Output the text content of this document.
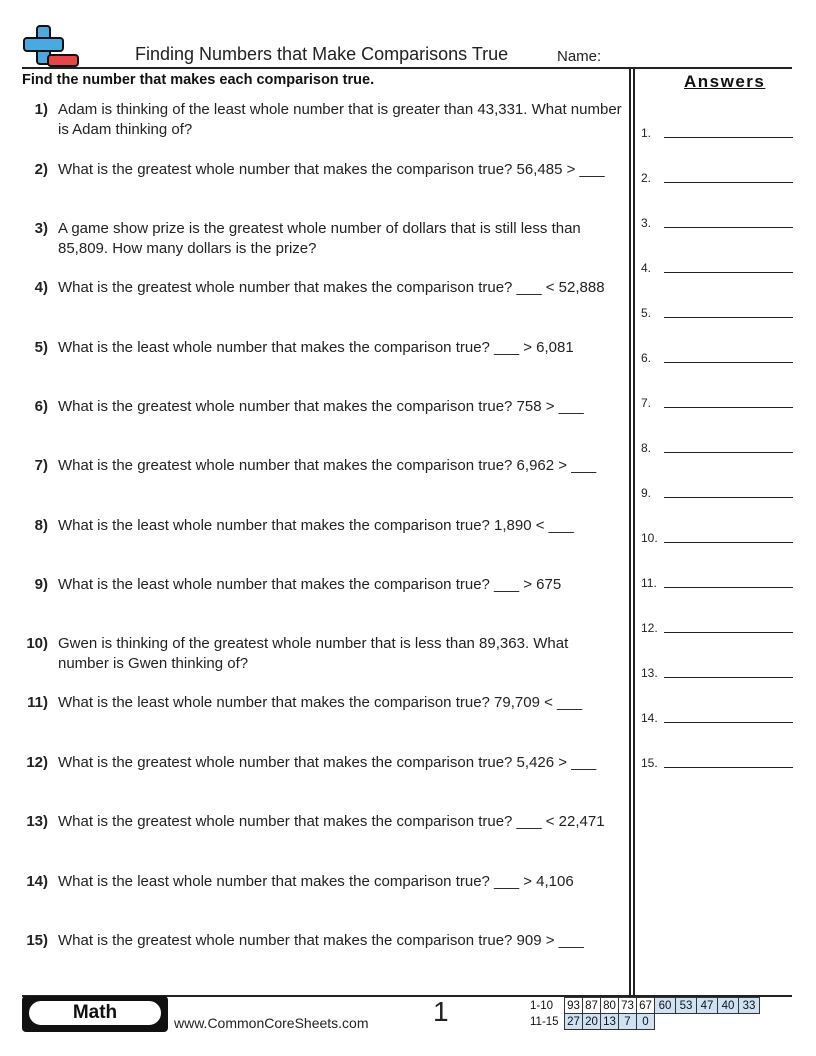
Finding Numbers that Make Comparisons True	Name:
Find the number that makes each comparison true.
1) Adam is thinking of the least whole number that is greater than 43,331. What number is Adam thinking of?
2) What is the greatest whole number that makes the comparison true? 56,485 > ___
3) A game show prize is the greatest whole number of dollars that is still less than 85,809. How many dollars is the prize?
4) What is the greatest whole number that makes the comparison true? ___ < 52,888
5) What is the least whole number that makes the comparison true? ___ > 6,081
6) What is the greatest whole number that makes the comparison true? 758 > ___
7) What is the greatest whole number that makes the comparison true? 6,962 > ___
8) What is the least whole number that makes the comparison true? 1,890 < ___
9) What is the least whole number that makes the comparison true? ___ > 675
10) Gwen is thinking of the greatest whole number that is less than 89,363. What number is Gwen thinking of?
11) What is the least whole number that makes the comparison true? 79,709 < ___
12) What is the greatest whole number that makes the comparison true? 5,426 > ___
13) What is the greatest whole number that makes the comparison true? ___ < 22,471
14) What is the least whole number that makes the comparison true? ___ > 4,106
15) What is the greatest whole number that makes the comparison true? 909 > ___
Answers
1.
2.
3.
4.
5.
6.
7.
8.
9.
10.
11.
12.
13.
14.
15.
Math	www.CommonCoreSheets.com 1	1-10	93	87	80	73	67	60	53	47	40	33
11-15	27	20	13	7	0					
